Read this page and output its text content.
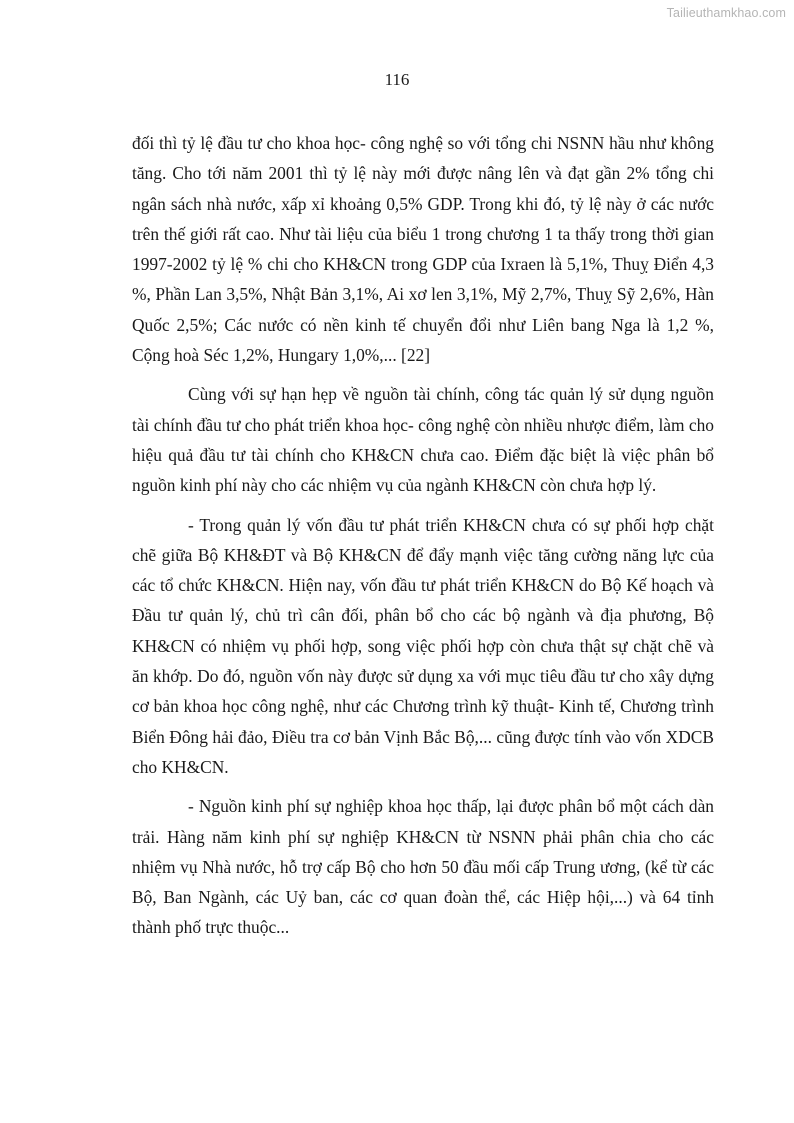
Tailieuthamkhao.com
116

đối thì tỷ lệ đầu tư cho khoa học- công nghệ so với tổng chi NSNN hầu như không tăng. Cho tới năm 2001 thì tỷ lệ này mới được nâng lên và đạt gần 2% tổng chi ngân sách nhà nước, xấp xỉ khoảng 0,5% GDP. Trong khi đó, tỷ lệ này ở các nước trên thế giới rất cao. Như tài liệu của biểu 1 trong chương 1 ta thấy trong thời gian 1997-2002 tỷ lệ % chi cho KH&CN trong GDP của Ixraen là 5,1%, Thuỵ Điển 4,3 %, Phần Lan 3,5%, Nhật Bản 3,1%, Ai xơ len 3,1%, Mỹ 2,7%, Thuỵ Sỹ 2,6%, Hàn Quốc 2,5%; Các nước có nền kinh tế chuyển đổi như Liên bang Nga là 1,2 %, Cộng hoà Séc 1,2%, Hungary 1,0%,... [22]

Cùng với sự hạn hẹp về nguồn tài chính, công tác quản lý sử dụng nguồn tài chính đầu tư cho phát triển khoa học- công nghệ còn nhiều nhược điểm, làm cho hiệu quả đầu tư tài chính cho KH&CN chưa cao. Điểm đặc biệt là việc phân bổ nguồn kinh phí này cho các nhiệm vụ của ngành KH&CN còn chưa hợp lý.

- Trong quản lý vốn đầu tư phát triển KH&CN chưa có sự phối hợp chặt chẽ giữa Bộ KH&ĐT và Bộ KH&CN để đẩy mạnh việc tăng cường năng lực của các tổ chức KH&CN. Hiện nay, vốn đầu tư phát triển KH&CN do Bộ Kế hoạch và Đầu tư quản lý, chủ trì cân đối, phân bổ cho các bộ ngành và địa phương, Bộ KH&CN có nhiệm vụ phối hợp, song việc phối hợp còn chưa thật sự chặt chẽ và ăn khớp. Do đó, nguồn vốn này được sử dụng xa với mục tiêu đầu tư cho xây dựng cơ bản khoa học công nghệ, như các Chương trình kỹ thuật- Kinh tế, Chương trình Biển Đông hải đảo, Điều tra cơ bản Vịnh Bắc Bộ,... cũng được tính vào vốn XDCB cho KH&CN.

- Nguồn kinh phí sự nghiệp khoa học thấp, lại được phân bổ một cách dàn trải. Hàng năm kinh phí sự nghiệp KH&CN từ NSNN phải phân chia cho các nhiệm vụ Nhà nước, hỗ trợ cấp Bộ cho hơn 50 đầu mối cấp Trung ương, (kể từ các Bộ, Ban Ngành, các Uỷ ban, các cơ quan đoàn thể, các Hiệp hội,...) và 64 tỉnh thành phố trực thuộc...
